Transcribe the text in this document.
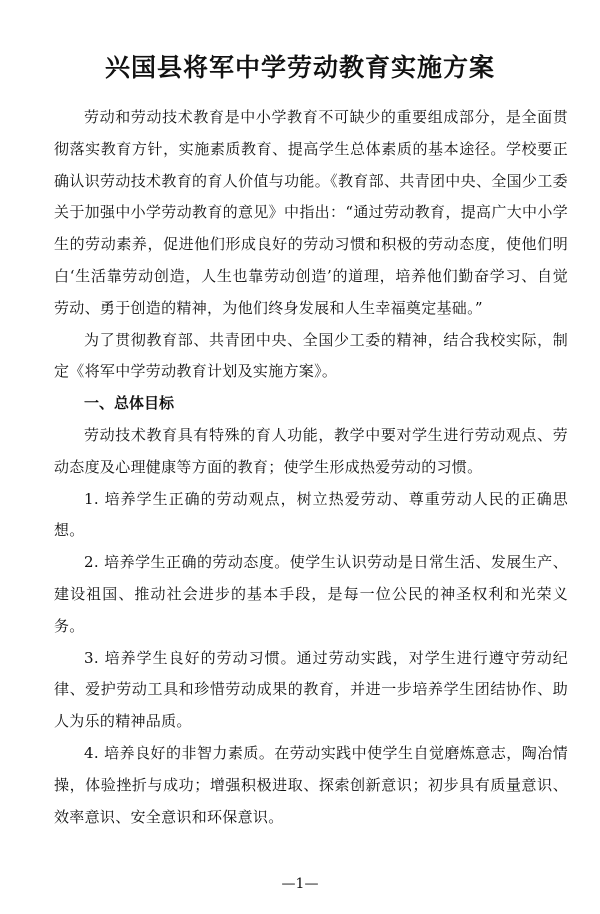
兴国县将军中学劳动教育实施方案

劳动和劳动技术教育是中小学教育不可缺少的重要组成部分，是全面贯彻落实教育方针，实施素质教育、提高学生总体素质的基本途径。学校要正确认识劳动技术教育的育人价值与功能。《教育部、共青团中央、全国少工委关于加强中小学劳动教育的意见》中指出：“通过劳动教育，提高广大中小学生的劳动素养，促进他们形成良好的劳动习惯和积极的劳动态度，使他们明白‘生活靠劳动创造，人生也靠劳动创造’的道理，培养他们勤奋学习、自觉劳动、勇于创造的精神，为他们终身发展和人生幸福奠定基础。”

为了贯彻教育部、共青团中央、全国少工委的精神，结合我校实际，制定《将军中学劳动教育计划及实施方案》。

一、总体目标

劳动技术教育具有特殊的育人功能，教学中要对学生进行劳动观点、劳动态度及心理健康等方面的教育；使学生形成热爱劳动的习惯。

1. 培养学生正确的劳动观点，树立热爱劳动、尊重劳动人民的正确思想。

2. 培养学生正确的劳动态度。使学生认识劳动是日常生活、发展生产、建设祖国、推动社会进步的基本手段，是每一位公民的神圣权利和光荣义务。

3. 培养学生良好的劳动习惯。通过劳动实践，对学生进行遵守劳动纪律、爱护劳动工具和珍惜劳动成果的教育，并进一步培养学生团结协作、助人为乐的精神品质。

4. 培养良好的非智力素质。在劳动实践中使学生自觉磨炼意志，陶冶情操，体验挫折与成功；增强积极进取、探索创新意识；初步具有质量意识、效率意识、安全意识和环保意识。

—1—
